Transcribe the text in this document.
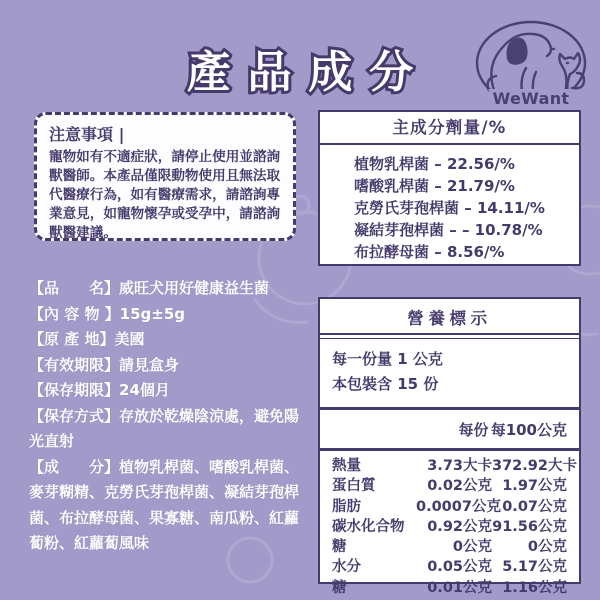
產品成分
WeWant
注意事項 |
寵物如有不適症狀，請停止使用並諮詢獸醫師。本產品僅限動物使用且無法取代醫療行為，如有醫療需求，請諮詢專業意見，如寵物懷孕或受孕中，請諮詢獸醫建議。
主成分劑量/%
植物乳桿菌 – 22.56/%
嗜酸乳桿菌 – 21.79/%
克勞氏芽孢桿菌 – 14.11/%
凝結芽孢桿菌 – – 10.78/%
布拉酵母菌 – 8.56/%
【品　　名】威旺犬用好健康益生菌
【內 容 物 】15g±5g
【原 產 地】美國
【有效期限】請見盒身
【保存期限】24個月
【保存方式】存放於乾燥陰涼處，避免陽光直射
【成　　分】植物乳桿菌、嗜酸乳桿菌、麥芽糊精、克勞氏芽孢桿菌、凝結芽孢桿菌、布拉酵母菌、果寡糖、南瓜粉、紅蘿蔔粉、紅蘿蔔風味
營養標示
每一份量 1 公克
本包裝含 15 份
每份 每100公克
熱量	3.73大卡 372.92大卡
蛋白質	0.02公克 1.97公克
脂肪	0.0007公克 0.07公克
碳水化合物	0.92公克 91.56公克
糖	0公克	0公克
水分	0.05公克 5.17公克
糖	0.01公克 1.16公克
